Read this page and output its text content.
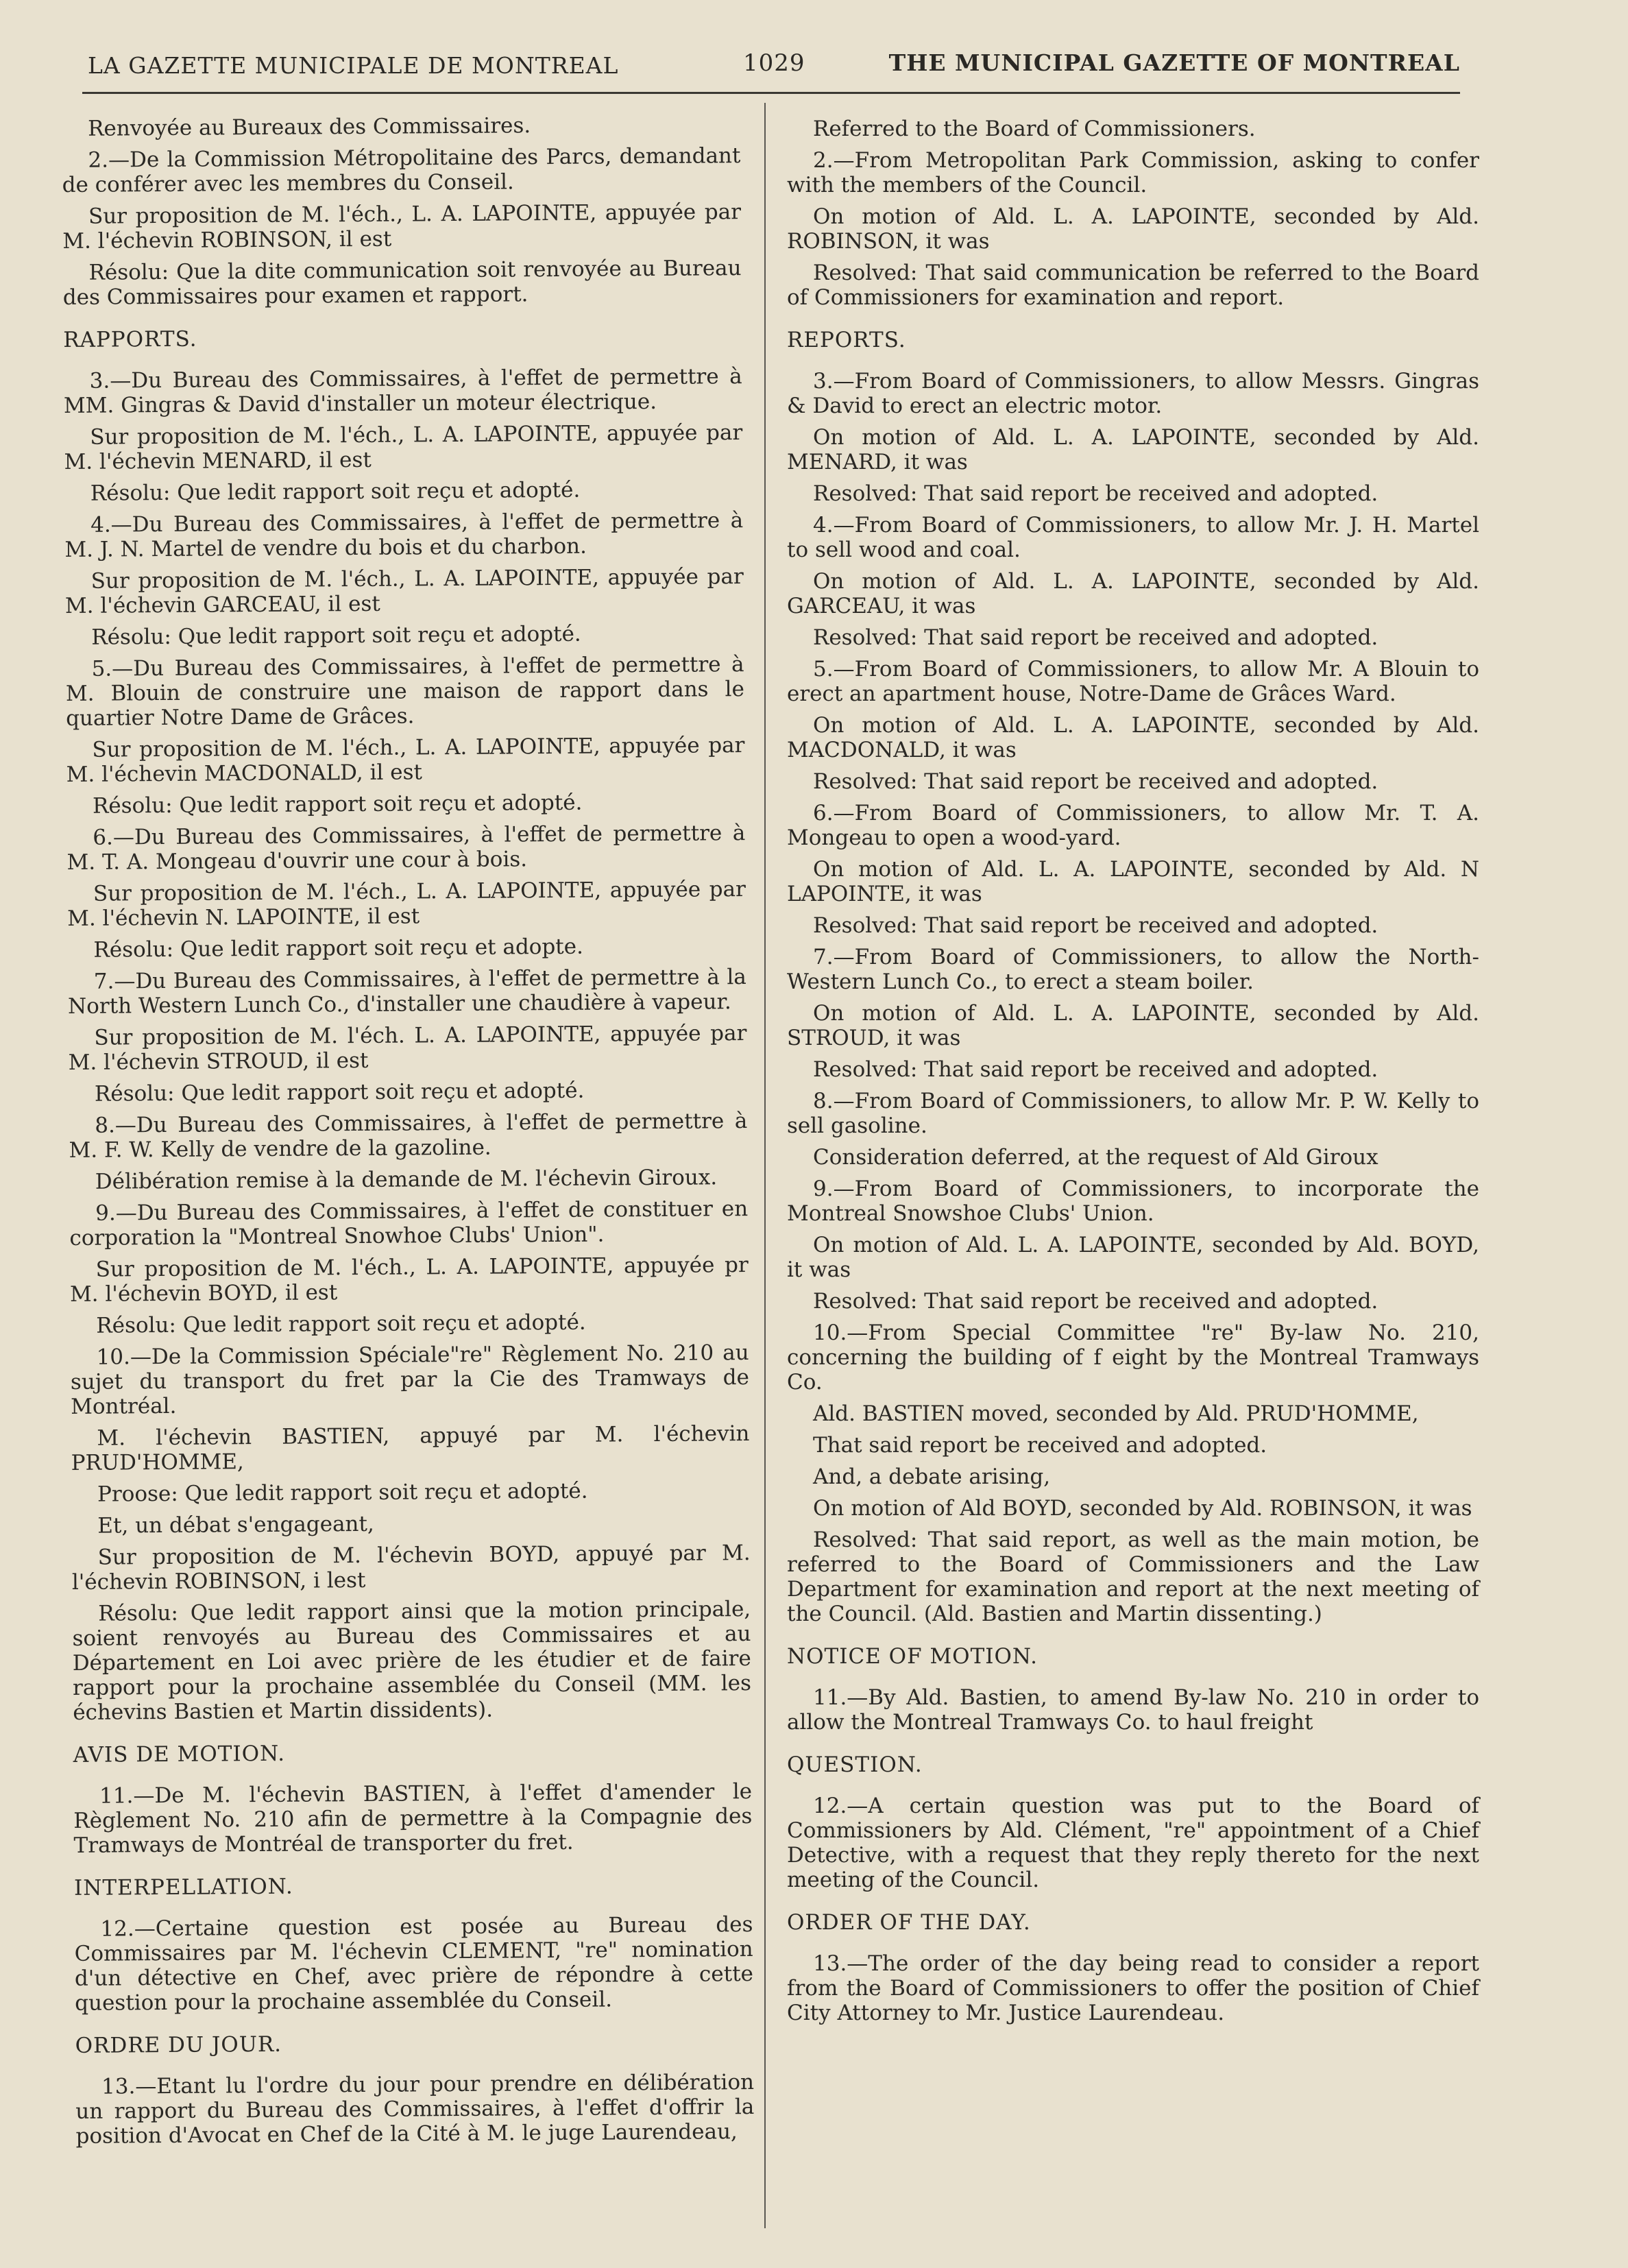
LA GAZETTE MUNICIPALE DE MONTREAL	1029	THE MUNICIPAL GAZETTE OF MONTREAL

Renvoyée au Bureaux des Commissaires.

2.—De la Commission Métropolitaine des Parcs, demandant de conférer avec les membres du Conseil.

Sur proposition de M. l'éch., L. A. LAPOINTE, appuyée par M. l'échevin ROBINSON, il est

Résolu: Que la dite communication soit renvoyée au Bureau des Commissaires pour examen et rapport.

RAPPORTS.

3.—Du Bureau des Commissaires, à l'effet de permettre à MM. Gingras & David d'installer un moteur électrique.

Sur proposition de M. l'éch., L. A. LAPOINTE, appuyée par M. l'échevin MENARD, il est

Résolu: Que ledit rapport soit reçu et adopté.

4.—Du Bureau des Commissaires, à l'effet de permettre à M. J. N. Martel de vendre du bois et du charbon.

Sur proposition de M. l'éch., L. A. LAPOINTE, appuyée par M. l'échevin GARCEAU, il est

Résolu: Que ledit rapport soit reçu et adopté.

5.—Du Bureau des Commissaires, à l'effet de permettre à M. Blouin de construire une maison de rapport dans le quartier Notre Dame de Grâces.

Sur proposition de M. l'éch., L. A. LAPOINTE, appuyée par M. l'échevin MACDONALD, il est

Résolu: Que ledit rapport soit reçu et adopté.

6.—Du Bureau des Commissaires, à l'effet de permettre à M. T. A. Mongeau d'ouvrir une cour à bois.

Sur proposition de M. l'éch., L. A. LAPOINTE, appuyée par M. l'échevin N. LAPOINTE, il est

Résolu: Que ledit rapport soit reçu et adopte.

7.—Du Bureau des Commissaires, à l'effet de permettre à la North Western Lunch Co., d'installer une chaudière à vapeur.

Sur proposition de M. l'éch. L. A. LAPOINTE, appuyée par M. l'échevin STROUD, il est

Résolu: Que ledit rapport soit reçu et adopté.

8.—Du Bureau des Commissaires, à l'effet de permettre à M. F. W. Kelly de vendre de la gazoline.

Délibération remise à la demande de M. l'échevin Giroux.

9.—Du Bureau des Commissaires, à l'effet de constituer en corporation la "Montreal Snowhoe Clubs' Union".

Sur proposition de M. l'éch., L. A. LAPOINTE, appuyée pr M. l'échevin BOYD, il est

Résolu: Que ledit rapport soit reçu et adopté.

10.—De la Commission Spéciale"re" Règlement No. 210 au sujet du transport du fret par la Cie des Tramways de Montréal.

M. l'échevin BASTIEN, appuyé par M. l'échevin PRUD'HOMME,

Proose: Que ledit rapport soit reçu et adopté.

Et, un débat s'engageant,

Sur proposition de M. l'échevin BOYD, appuyé par M. l'échevin ROBINSON, i lest

Résolu: Que ledit rapport ainsi que la motion principale, soient renvoyés au Bureau des Commissaires et au Département en Loi avec prière de les étudier et de faire rapport pour la prochaine assemblée du Conseil (MM. les échevins Bastien et Martin dissidents).

AVIS DE MOTION.

11.—De M. l'échevin BASTIEN, à l'effet d'amender le Règlement No. 210 afin de permettre à la Compagnie des Tramways de Montréal de transporter du fret.

INTERPELLATION.

12.—Certaine question est posée au Bureau des Commissaires par M. l'échevin CLEMENT, "re" nomination d'un détective en Chef, avec prière de répondre à cette question pour la prochaine assemblée du Conseil.

ORDRE DU JOUR.

13.—Etant lu l'ordre du jour pour prendre en délibération un rapport du Bureau des Commissaires, à l'effet d'offrir la position d'Avocat en Chef de la Cité à M. le juge Laurendeau,

Referred to the Board of Commissioners.

2.—From Metropolitan Park Commission, asking to confer with the members of the Council.

On motion of Ald. L. A. LAPOINTE, seconded by Ald. ROBINSON, it was

Resolved: That said communication be referred to the Board of Commissioners for examination and report.

REPORTS.

3.—From Board of Commissioners, to allow Messrs. Gingras & David to erect an electric motor.

On motion of Ald. L. A. LAPOINTE, seconded by Ald. MENARD, it was

Resolved: That said report be received and adopted.

4.—From Board of Commissioners, to allow Mr. J. H. Martel to sell wood and coal.

On motion of Ald. L. A. LAPOINTE, seconded by Ald. GARCEAU, it was

Resolved: That said report be received and adopted.

5.—From Board of Commissioners, to allow Mr. A Blouin to erect an apartment house, Notre-Dame de Grâces Ward.

On motion of Ald. L. A. LAPOINTE, seconded by Ald. MACDONALD, it was

Resolved: That said report be received and adopted.

6.—From Board of Commissioners, to allow Mr. T. A. Mongeau to open a wood-yard.

On motion of Ald. L. A. LAPOINTE, seconded by Ald. N LAPOINTE, it was

Resolved: That said report be received and adopted.

7.—From Board of Commissioners, to allow the North-Western Lunch Co., to erect a steam boiler.

On motion of Ald. L. A. LAPOINTE, seconded by Ald. STROUD, it was

Resolved: That said report be received and adopted.

8.—From Board of Commissioners, to allow Mr. P. W. Kelly to sell gasoline.

Consideration deferred, at the request of Ald Giroux

9.—From Board of Commissioners, to incorporate the Montreal Snowshoe Clubs' Union.

On motion of Ald. L. A. LAPOINTE, seconded by Ald. BOYD, it was

Resolved: That said report be received and adopted.

10.—From Special Committee "re" By-law No. 210, concerning the building of f eight by the Montreal Tramways Co.

Ald. BASTIEN moved, seconded by Ald. PRUD'HOMME,

That said report be received and adopted.

And, a debate arising,

On motion of Ald BOYD, seconded by Ald. ROBINSON, it was

Resolved: That said report, as well as the main motion, be referred to the Board of Commissioners and the Law Department for examination and report at the next meeting of the Council. (Ald. Bastien and Martin dissenting.)

NOTICE OF MOTION.

11.—By Ald. Bastien, to amend By-law No. 210 in order to allow the Montreal Tramways Co. to haul freight

QUESTION.

12.—A certain question was put to the Board of Commissioners by Ald. Clément, "re" appointment of a Chief Detective, with a request that they reply thereto for the next meeting of the Council.

ORDER OF THE DAY.

13.—The order of the day being read to consider a report from the Board of Commissioners to offer the position of Chief City Attorney to Mr. Justice Laurendeau.
